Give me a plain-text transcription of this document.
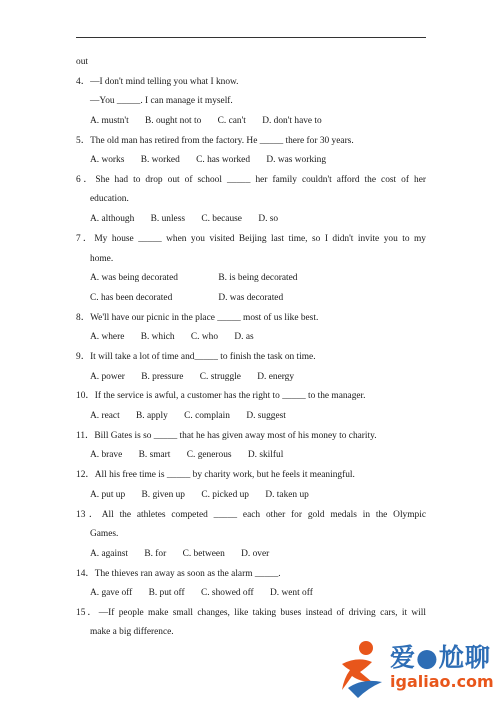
out
4．—I don't mind telling you what I know.
—You _____. I can manage it myself.
A. mustn't B. ought not to C. can't D. don't have to
5．The old man has retired from the factory. He _____ there for 30 years.
A. works B. worked C. has worked D. was working
6．She had to drop out of school _____ her family couldn't afford the cost of her
education.
A. although B. unless C. because D. so
7．My house _____ when you visited Beijing last time, so I didn't invite you to my
home.
A. was being decorated	B. is being decorated
C. has been decorated	D. was decorated
8．We'll have our picnic in the place _____ most of us like best.
A. where B. which C. who D. as
9．It will take a lot of time and_____ to finish the task on time.
A. power B. pressure C. struggle D. energy
10．If the service is awful, a customer has the right to _____ to the manager.
A. react B. apply C. complain D. suggest
11．Bill Gates is so _____ that he has given away most of his money to charity.
A. brave B. smart C. generous D. skilful
12．All his free time is _____ by charity work, but he feels it meaningful.
A. put up B. given up C. picked up D. taken up
13．All the athletes competed _____ each other for gold medals in the Olympic
Games.
A. against B. for C. between D. over
14．The thieves ran away as soon as the alarm _____.
A. gave off B. put off C. showed off D. went off
15．—If people make small changes, like taking buses instead of driving cars, it will
make a big difference.
爱●尬聊
igaliao.com
